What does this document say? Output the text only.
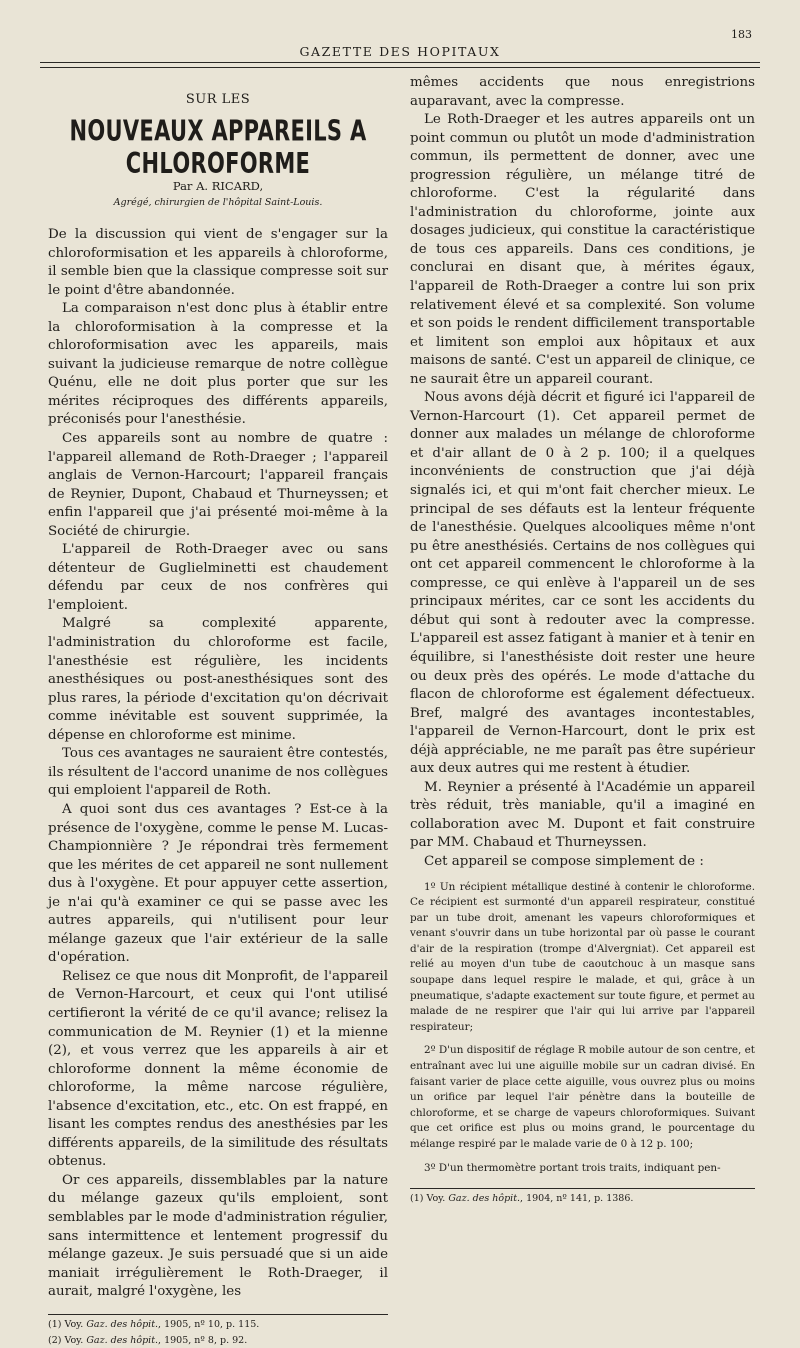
183
GAZETTE DES HOPITAUX
SUR LES
NOUVEAUX APPAREILS A CHLOROFORME
Par A. RICARD,
Agrégé, chirurgien de l'hôpital Saint-Louis.

De la discussion qui vient de s'engager sur la chloroformisation et les appareils à chloroforme, il semble bien que la classique compresse soit sur le point d'être abandonnée.

La comparaison n'est donc plus à établir entre la chloroformisation à la compresse et la chloroformisation avec les appareils, mais suivant la judicieuse remarque de notre collègue Quénu, elle ne doit plus porter que sur les mérites réciproques des différents appareils, préconisés pour l'anesthésie.

Ces appareils sont au nombre de quatre : l'appareil allemand de Roth-Draeger ; l'appareil anglais de Vernon-Harcourt; l'appareil français de Reynier, Dupont, Chabaud et Thurneyssen; et enfin l'appareil que j'ai présenté moi-même à la Société de chirurgie.

L'appareil de Roth-Draeger avec ou sans détenteur de Guglielminetti est chaudement défendu par ceux de nos confrères qui l'emploient.

Malgré sa complexité apparente, l'administration du chloroforme est facile, l'anesthésie est régulière, les incidents anesthésiques ou post-anesthésiques sont des plus rares, la période d'excitation qu'on décrivait comme inévitable est souvent supprimée, la dépense en chloroforme est minime.

Tous ces avantages ne sauraient être contestés, ils résultent de l'accord unanime de nos collègues qui emploient l'appareil de Roth.

A quoi sont dus ces avantages ? Est-ce à la présence de l'oxygène, comme le pense M. Lucas-Championnière ? Je répondrai très fermement que les mérites de cet appareil ne sont nullement dus à l'oxygène. Et pour appuyer cette assertion, je n'ai qu'à examiner ce qui se passe avec les autres appareils, qui n'utilisent pour leur mélange gazeux que l'air extérieur de la salle d'opération.

Relisez ce que nous dit Monprofit, de l'appareil de Vernon-Harcourt, et ceux qui l'ont utilisé certifieront la vérité de ce qu'il avance; relisez la communication de M. Reynier (1) et la mienne (2), et vous verrez que les appareils à air et chloroforme donnent la même économie de chloroforme, la même narcose régulière, l'absence d'excitation, etc., etc. On est frappé, en lisant les comptes rendus des anesthésies par les différents appareils, de la similitude des résultats obtenus.

Or ces appareils, dissemblables par la nature du mélange gazeux qu'ils emploient, sont semblables par le mode d'administration régulier, sans intermittence et lentement progressif du mélange gazeux. Je suis persuadé que si un aide maniait irrégulièrement le Roth-Draeger, il aurait, malgré l'oxygène, les

(1) Voy. Gaz. des hôpit., 1905, nº 10, p. 115.
(2) Voy. Gaz. des hôpit., 1905, nº 8, p. 92.

mêmes accidents que nous enregistrions auparavant, avec la compresse.

Le Roth-Draeger et les autres appareils ont un point commun ou plutôt un mode d'administration commun, ils permettent de donner, avec une progression régulière, un mélange titré de chloroforme. C'est la régularité dans l'administration du chloroforme, jointe aux dosages judicieux, qui constitue la caractéristique de tous ces appareils. Dans ces conditions, je conclurai en disant que, à mérites égaux, l'appareil de Roth-Draeger a contre lui son prix relativement élevé et sa complexité. Son volume et son poids le rendent difficilement transportable et limitent son emploi aux hôpitaux et aux maisons de santé. C'est un appareil de clinique, ce ne saurait être un appareil courant.

Nous avons déjà décrit et figuré ici l'appareil de Vernon-Harcourt (1). Cet appareil permet de donner aux malades un mélange de chloroforme et d'air allant de 0 à 2 p. 100; il a quelques inconvénients de construction que j'ai déjà signalés ici, et qui m'ont fait chercher mieux. Le principal de ses défauts est la lenteur fréquente de l'anesthésie. Quelques alcooliques même n'ont pu être anesthésiés. Certains de nos collègues qui ont cet appareil commencent le chloroforme à la compresse, ce qui enlève à l'appareil un de ses principaux mérites, car ce sont les accidents du début qui sont à redouter avec la compresse. L'appareil est assez fatigant à manier et à tenir en équilibre, si l'anesthésiste doit rester une heure ou deux près des opérés. Le mode d'attache du flacon de chloroforme est également défectueux. Bref, malgré des avantages incontestables, l'appareil de Vernon-Harcourt, dont le prix est déjà appréciable, ne me paraît pas être supérieur aux deux autres qui me restent à étudier.

M. Reynier a présenté à l'Académie un appareil très réduit, très maniable, qu'il a imaginé en collaboration avec M. Dupont et fait construire par MM. Chabaud et Thurneyssen.

Cet appareil se compose simplement de :

1º Un récipient métallique destiné à contenir le chloroforme. Ce récipient est surmonté d'un appareil respirateur, constitué par un tube droit, amenant les vapeurs chloroformiques et venant s'ouvrir dans un tube horizontal par où passe le courant d'air de la respiration (trompe d'Alvergniat). Cet appareil est relié au moyen d'un tube de caoutchouc à un masque sans soupape dans lequel respire le malade, et qui, grâce à un pneumatique, s'adapte exactement sur toute figure, et permet au malade de ne respirer que l'air qui lui arrive par l'appareil respirateur;

2º D'un dispositif de réglage R mobile autour de son centre, et entraînant avec lui une aiguille mobile sur un cadran divisé. En faisant varier de place cette aiguille, vous ouvrez plus ou moins un orifice par lequel l'air pénètre dans la bouteille de chloroforme, et se charge de vapeurs chloroformiques. Suivant que cet orifice est plus ou moins grand, le pourcentage du mélange respiré par le malade varie de 0 à 12 p. 100;

3º D'un thermomètre portant trois traits, indiquant pen-

(1) Voy. Gaz. des hôpit., 1904, nº 141, p. 1386.
